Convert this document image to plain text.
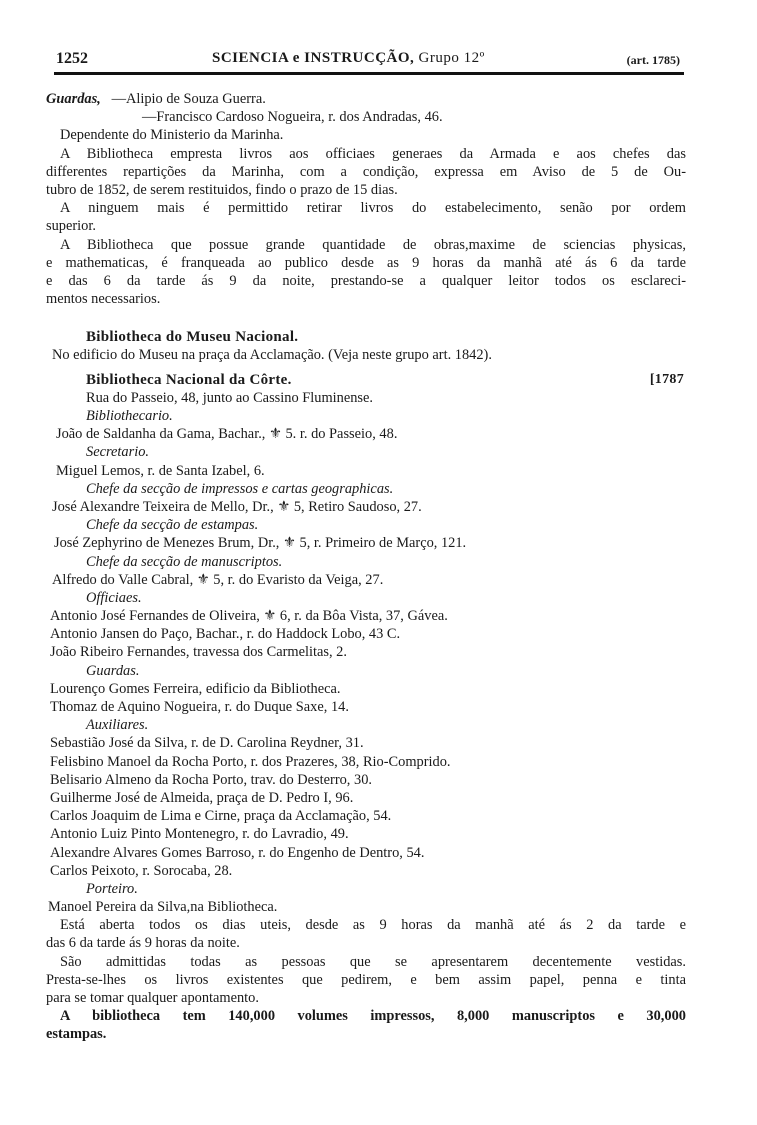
1252	SCIENCIA e INSTRUCÇÃO, Grupo 12º	(art. 1785)
Guardas, —Alipio de Souza Guerra.
—Francisco Cardoso Nogueira, r. dos Andradas, 46.
Dependente do Ministerio da Marinha.
A Bibliotheca empresta livros aos officiaes generaes da Armada e aos chefes das
differentes repartições da Marinha, com a condição, expressa em Aviso de 5 de Ou-
tubro de 1852, de serem restituidos, findo o prazo de 15 dias.
A ninguem mais é permittido retirar livros do estabelecimento, senão por ordem
superior.
A Bibliotheca que possue grande quantidade de obras,maxime de sciencias physicas,
e mathematicas, é franqueada ao publico desde as 9 horas da manhã até ás 6 da tarde
e das 6 da tarde ás 9 da noite, prestando-se a qualquer leitor todos os esclareci-
mentos necessarios.
Bibliotheca do Museu Nacional.
No edificio do Museu na praça da Acclamação. (Veja neste grupo art. 1842).
Bibliotheca Nacional da Côrte.	[1787
Rua do Passeio, 48, junto ao Cassino Fluminense.
Bibliothecario.
João de Saldanha da Gama, Bachar., ⚜ 5. r. do Passeio, 48.
Secretario.
Miguel Lemos, r. de Santa Izabel, 6.
Chefe da secção de impressos e cartas geographicas.
José Alexandre Teixeira de Mello, Dr., ⚜ 5, Retiro Saudoso, 27.
Chefe da secção de estampas.
José Zephyrino de Menezes Brum, Dr., ⚜ 5, r. Primeiro de Março, 121.
Chefe da secção de manuscriptos.
Alfredo do Valle Cabral, ⚜ 5, r. do Evaristo da Veiga, 27.
Officiaes.
Antonio José Fernandes de Oliveira, ⚜ 6, r. da Bôa Vista, 37, Gávea.
Antonio Jansen do Paço, Bachar., r. do Haddock Lobo, 43 C.
João Ribeiro Fernandes, travessa dos Carmelitas, 2.
Guardas.
Lourenço Gomes Ferreira, edificio da Bibliotheca.
Thomaz de Aquino Nogueira, r. do Duque Saxe, 14.
Auxiliares.
Sebastião José da Silva, r. de D. Carolina Reydner, 31.
Felisbino Manoel da Rocha Porto, r. dos Prazeres, 38, Rio-Comprido.
Belisario Almeno da Rocha Porto, trav. do Desterro, 30.
Guilherme José de Almeida, praça de D. Pedro I, 96.
Carlos Joaquim de Lima e Cirne, praça da Acclamação, 54.
Antonio Luiz Pinto Montenegro, r. do Lavradio, 49.
Alexandre Alvares Gomes Barroso, r. do Engenho de Dentro, 54.
Carlos Peixoto, r. Sorocaba, 28.
Porteiro.
Manoel Pereira da Silva,na Bibliotheca.
Está aberta todos os dias uteis, desde as 9 horas da manhã até ás 2 da tarde e
das 6 da tarde ás 9 horas da noite.
São admittidas todas as pessoas que se apresentarem decentemente vestidas.
Presta-se-lhes os livros existentes que pedirem, e bem assim papel, penna e tinta
para se tomar qualquer apontamento.
A bibliotheca tem 140,000 volumes impressos, 8,000 manuscriptos e 30,000
estampas.
